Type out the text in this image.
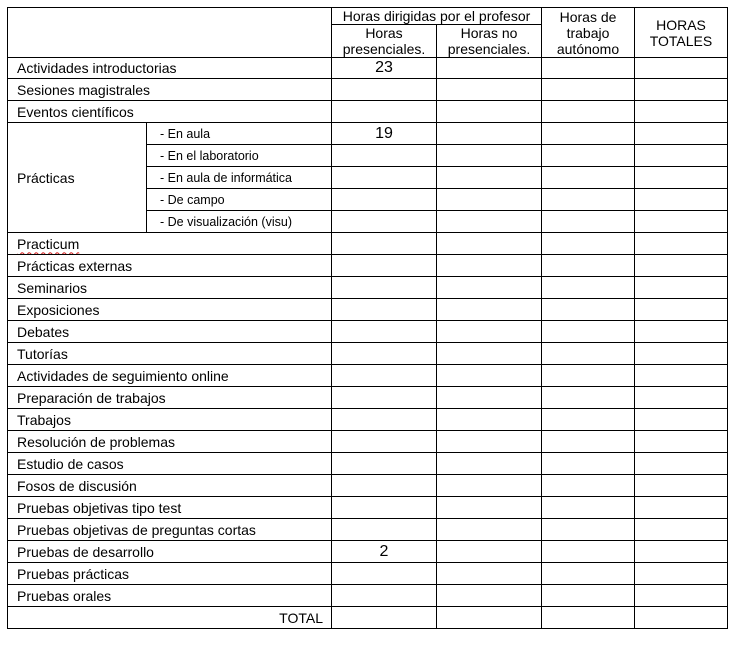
		Horas dirigidas por el profesor		Horas de trabajo autónomo	HORAS TOTALES
		Horas presenciales.	Horas no presenciales.		
Actividades introductorias		23			
Sesiones magistrales					
Eventos científicos					
Prácticas	- En aula	19			
	- En el laboratorio				
	- En aula de informática				
	- De campo				
	- De visualización (visu)				
Practicum					
Prácticas externas					
Seminarios					
Exposiciones					
Debates					
Tutorías					
Actividades de seguimiento online					
Preparación de trabajos					
Trabajos					
Resolución de problemas					
Estudio de casos					
Fosos de discusión					
Pruebas objetivas tipo test					
Pruebas objetivas de preguntas cortas					
Pruebas de desarrollo		2			
Pruebas prácticas					
Pruebas orales					
TOTAL					
